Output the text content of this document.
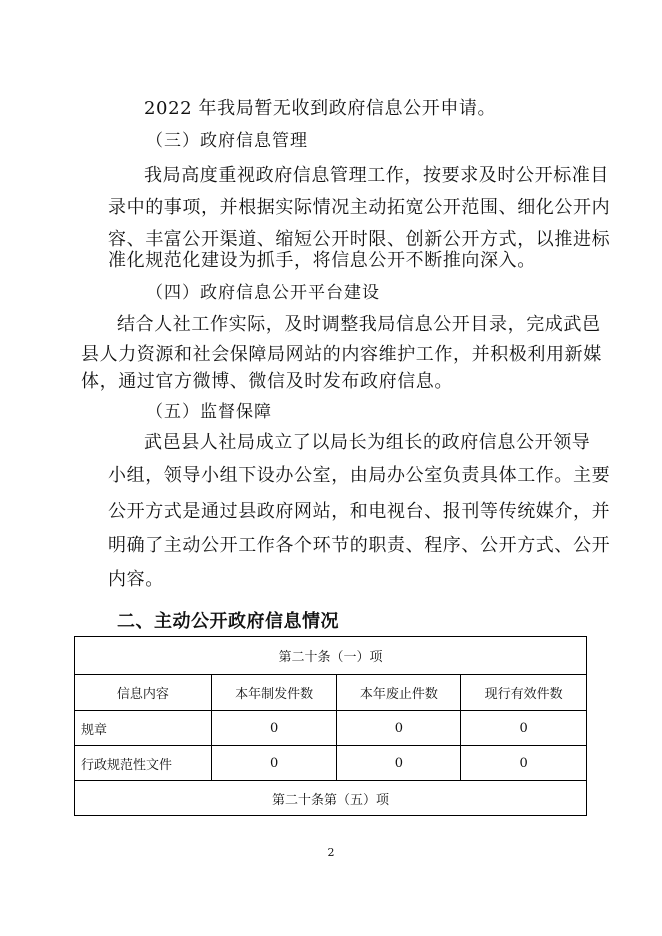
2022 年我局暂无收到政府信息公开申请。
（三）政府信息管理
我局高度重视政府信息管理工作，按要求及时公开标准目
录中的事项，并根据实际情况主动拓宽公开范围、细化公开内
容、丰富公开渠道、缩短公开时限、创新公开方式，以推进标
准化规范化建设为抓手，将信息公开不断推向深入。
（四）政府信息公开平台建设
结合人社工作实际，及时调整我局信息公开目录，完成武邑
县人力资源和社会保障局网站的内容维护工作，并积极利用新媒
体，通过官方微博、微信及时发布政府信息。
（五）监督保障
武邑县人社局成立了以局长为组长的政府信息公开领导
小组，领导小组下设办公室，由局办公室负责具体工作。主要
公开方式是通过县政府网站，和电视台、报刊等传统媒介，并
明确了主动公开工作各个环节的职责、程序、公开方式、公开
内容。
二、主动公开政府信息情况
第二十条（一）项			
信息内容	本年制发件数	本年废止件数	现行有效件数
规章	0	0	0
行政规范性文件	0	0	0
第二十条第（五）项			
2
